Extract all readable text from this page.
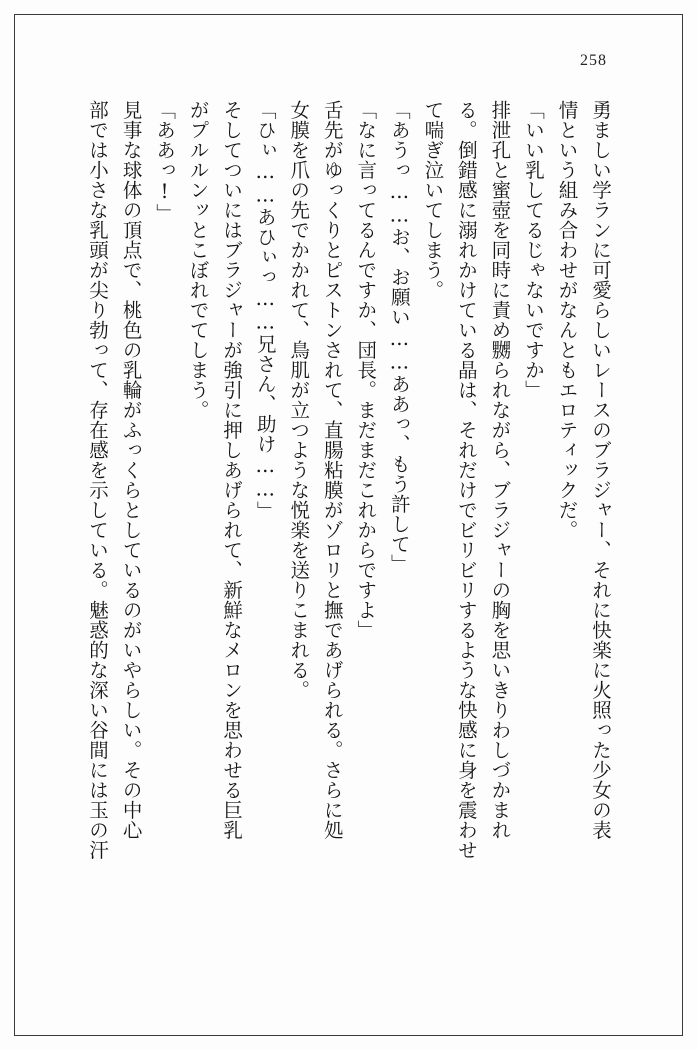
258

勇ましい学ランに可愛らしいレースのブラジャー、それに快楽に火照った少女の表

情という組み合わせがなんともエロティックだ。

「いい乳してるじゃないですか」

排泄孔と蜜壺を同時に責め嬲られながら、ブラジャーの胸を思いきりわしづかまれ

る。倒錯感に溺れかけている晶は、それだけでビリビリするような快感に身を震わせ

て喘ぎ泣いてしまう。

「あうっ……お、お願い……ああっ、もう許して」

「なに言ってるんですか、団長。まだまだこれからですよ」

舌先がゆっくりとピストンされて、直腸粘膜がゾロリと撫であげられる。さらに処

女膜を爪の先でかかれて、鳥肌が立つような悦楽を送りこまれる。

「ひぃ……あひぃっ……兄さん、助け……」

そしてついにはブラジャーが強引に押しあげられて、新鮮なメロンを思わせる巨乳

がプルルンッとこぼれでてしまう。

「ああっ!」

見事な球体の頂点で、桃色の乳輪がふっくらとしているのがいやらしい。その中心

部では小さな乳頭が尖り勃って、存在感を示している。魅惑的な深い谷間には玉の汗
